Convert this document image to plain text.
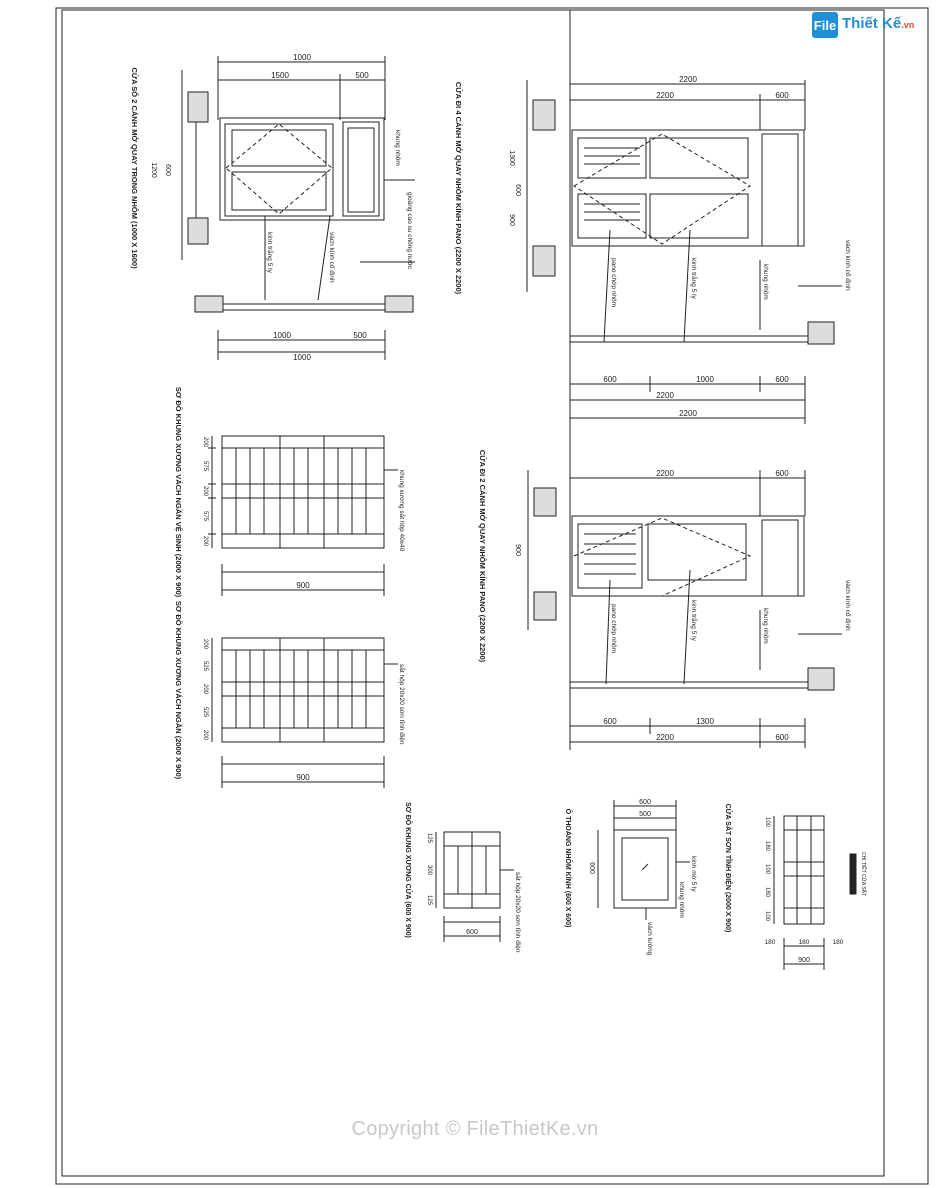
1000
1500	500
1000
500
1000
CỬA SỔ 2 CÁNH MỞ QUAY TRONG NHÔM (1000 X 1600) 1200 600
khung nhôm
kính trắng 5 ly	gioăng cao su chống nước
vách kính cố định
2200
2200	600
600	1000	600
2200
2200
CỬA ĐI 4 CÁNH MỞ QUAY NHÔM KÍNH PANO (2200 X 2200)	900
1300
600
pano chớp nhôm	kính trắng 5 ly	khung nhôm	vách kính cố định
SƠ ĐỒ KHUNG XƯƠNG VÁCH NGĂN VỆ SINH (2000 X 900)	200
575
200
575
200
900
khung xương sắt hộp 40x40	2200	600
600	1300
2200	600
CỬA ĐI 2 CÁNH MỞ QUAY NHÔM KÍNH PANO (2200 X 2200)	900
pano chớp nhôm	kính trắng 5 ly	khung nhôm	vách kính cố định
SƠ ĐỒ KHUNG XƯƠNG VÁCH NGĂN (2000 X 900)	200
525
200
525
200
900
sắt hộp 20x20 sơn tĩnh điện
SƠ ĐỒ KHUNG XƯƠNG CỬA (600 X 900)	125
300
125
600	sắt hộp 20x20 sơn tĩnh điện
600
500
Ô THOÁNG NHÔM KÍNH (600 X 600) 600	kính mờ 5 ly
khung nhôm
vách tường
CỬA SẮT SƠN TĨNH ĐIỆN (2000 X 900)	100
180
100
180
100
180	180	180
900
CHI TIẾT CỬA SẮT
File Thiết Kế.vn
Copyright © FileThietKe.vn
